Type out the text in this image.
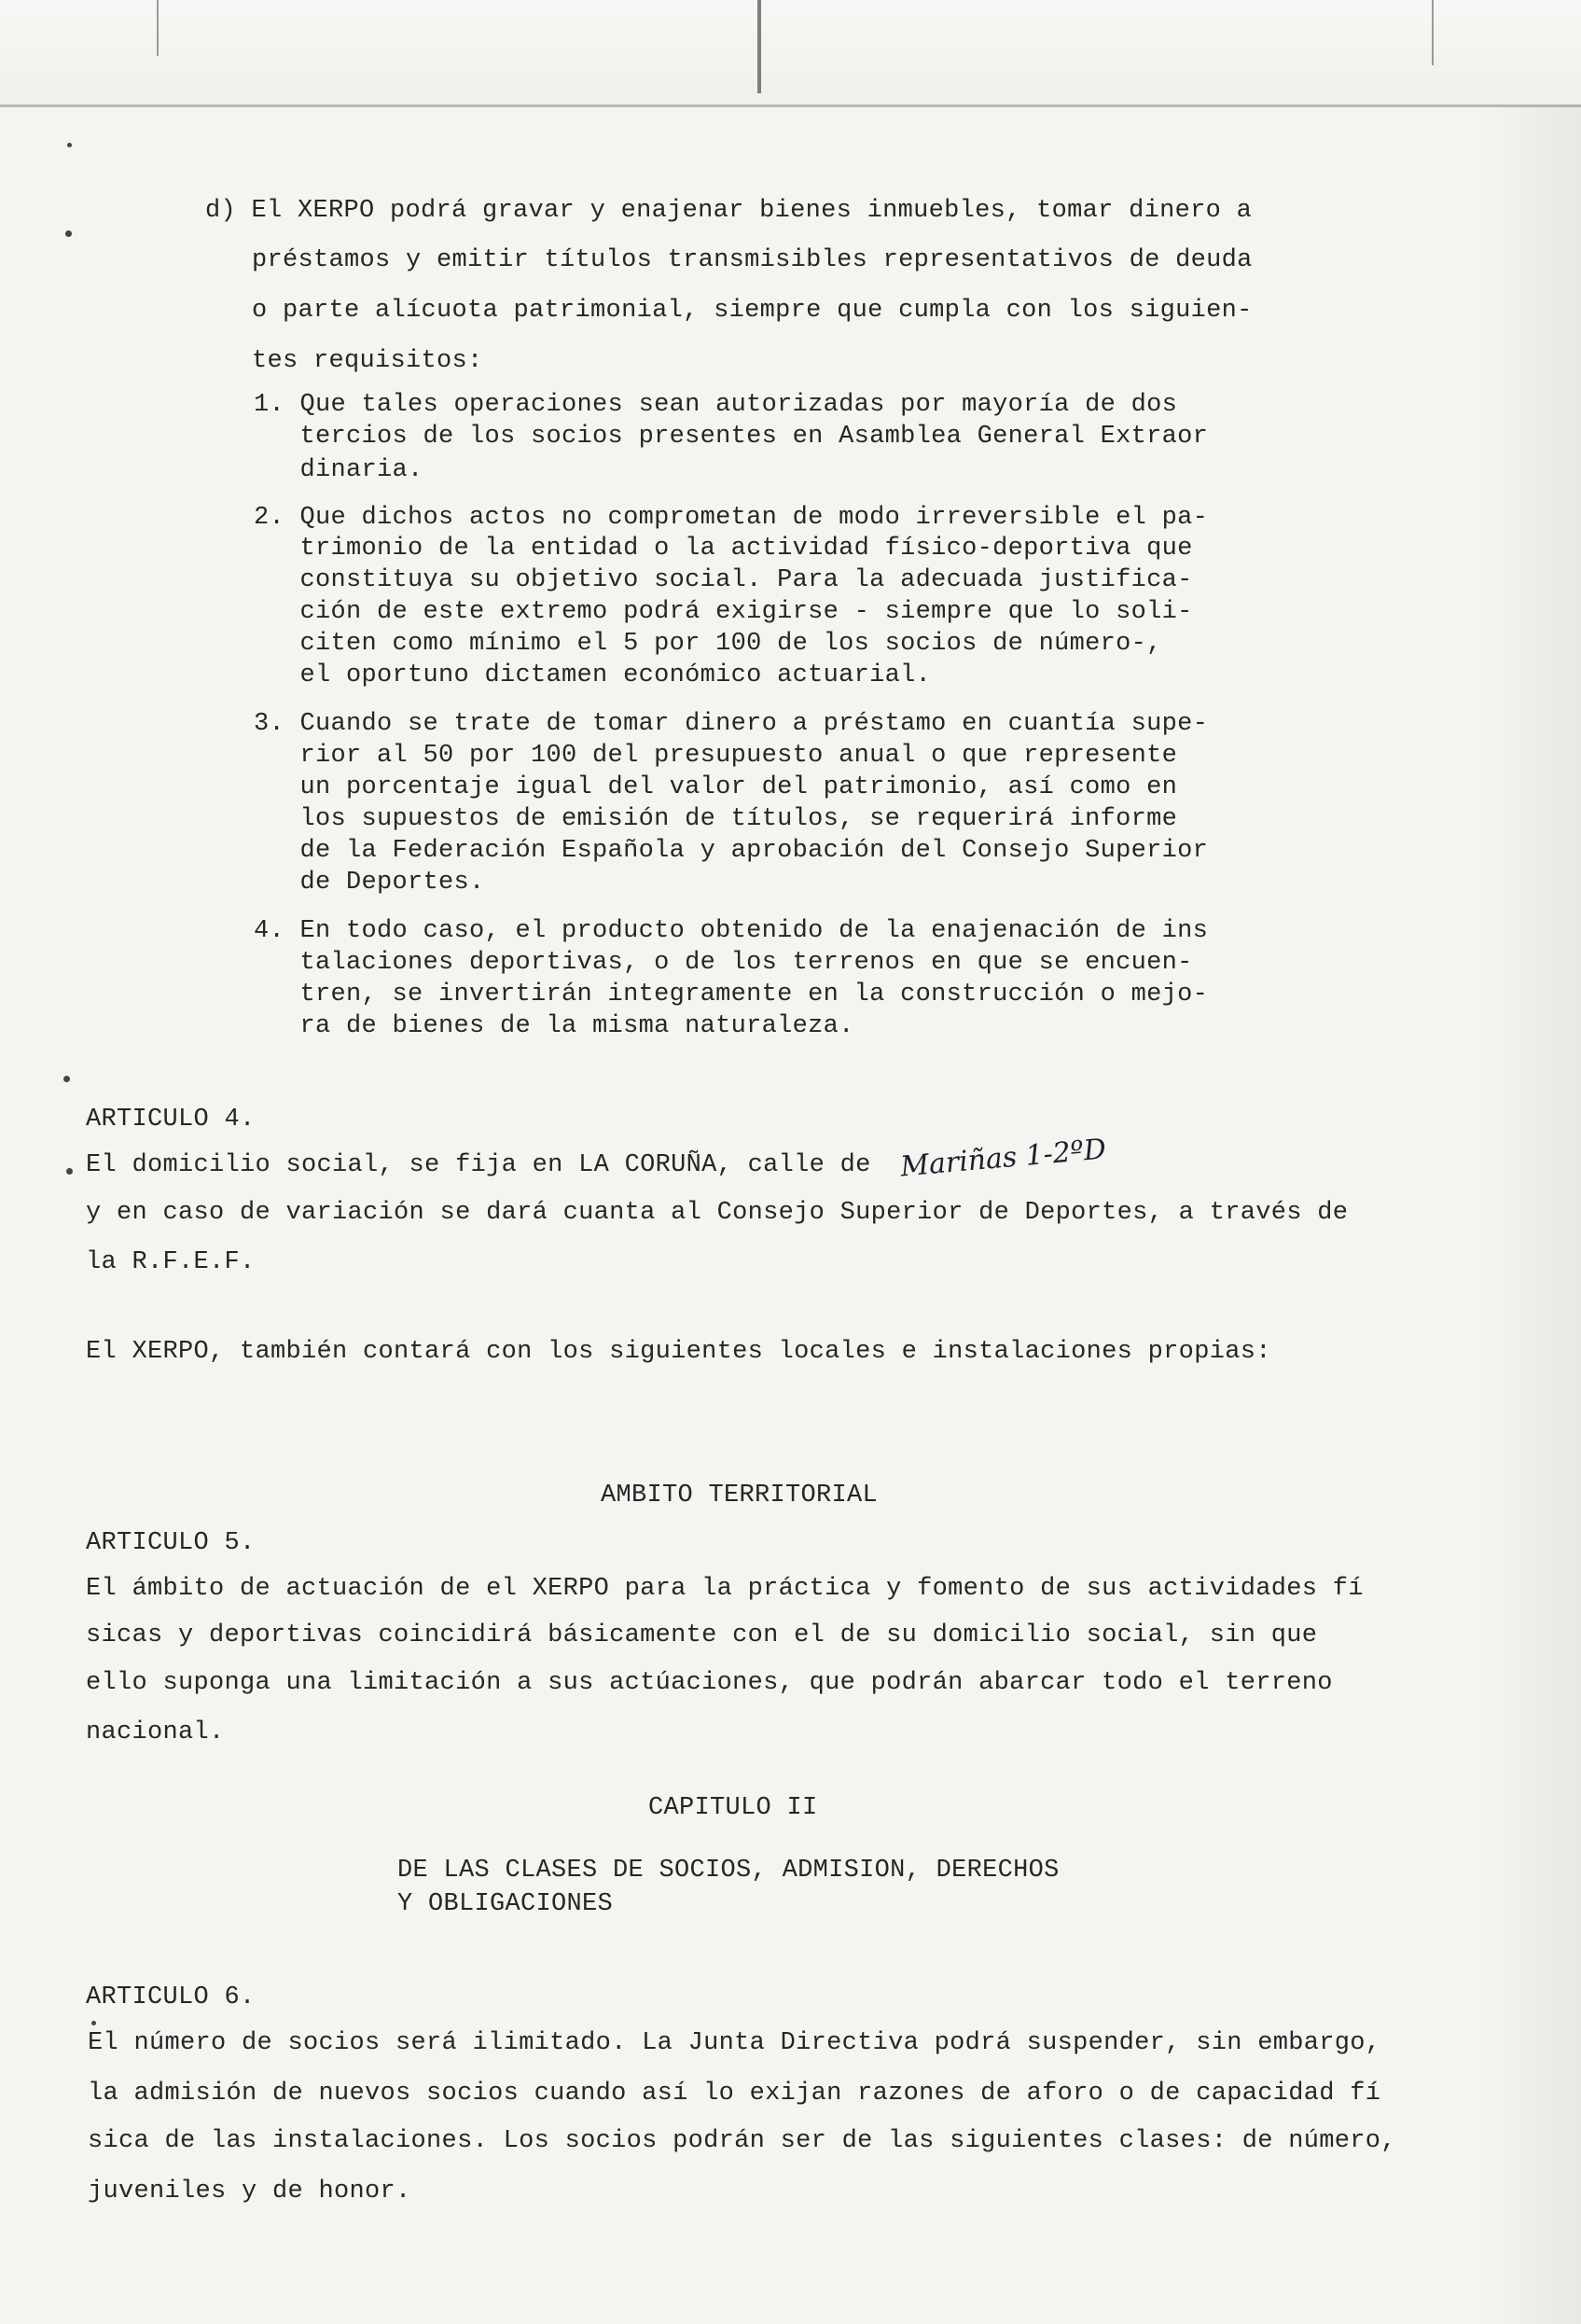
d) El XERPO podrá gravar y enajenar bienes inmuebles, tomar dinero a

préstamos y emitir títulos transmisibles representativos de deuda

o parte alícuota patrimonial, siempre que cumpla con los siguien-

tes requisitos:

1. Que tales operaciones sean autorizadas por mayoría de dos

tercios de los socios presentes en Asamblea General Extraor

dinaria.

2. Que dichos actos no comprometan de modo irreversible el pa-

trimonio de la entidad o la actividad físico-deportiva que

constituya su objetivo social. Para la adecuada justifica-

ción de este extremo podrá exigirse - siempre que lo soli-

citen como mínimo el 5 por 100 de los socios de número-,

el oportuno dictamen económico actuarial.

3. Cuando se trate de tomar dinero a préstamo en cuantía supe-

rior al 50 por 100 del presupuesto anual o que represente

un porcentaje igual del valor del patrimonio, así como en

los supuestos de emisión de títulos, se requerirá informe

de la Federación Española y aprobación del Consejo Superior

de Deportes.

4. En todo caso, el producto obtenido de la enajenación de ins

talaciones deportivas, o de los terrenos en que se encuen-

tren, se invertirán integramente en la construcción o mejo-

ra de bienes de la misma naturaleza.

ARTICULO 4.

El domicilio social, se fija en LA CORUÑA, calle de Mariñas 1-2ºD

y en caso de variación se dará cuanta al Consejo Superior de Deportes, a través de

la R.F.E.F.

El XERPO, también contará con los siguientes locales e instalaciones propias:

AMBITO TERRITORIAL

ARTICULO 5.

El ámbito de actuación de el XERPO para la práctica y fomento de sus actividades fí

sicas y deportivas coincidirá básicamente con el de su domicilio social, sin que

ello suponga una limitación a sus actúaciones, que podrán abarcar todo el terreno

nacional.

CAPITULO II

DE LAS CLASES DE SOCIOS, ADMISION, DERECHOS

Y OBLIGACIONES

ARTICULO 6.

El número de socios será ilimitado. La Junta Directiva podrá suspender, sin embargo,

la admisión de nuevos socios cuando así lo exijan razones de aforo o de capacidad fí

sica de las instalaciones. Los socios podrán ser de las siguientes clases: de número,

juveniles y de honor.
